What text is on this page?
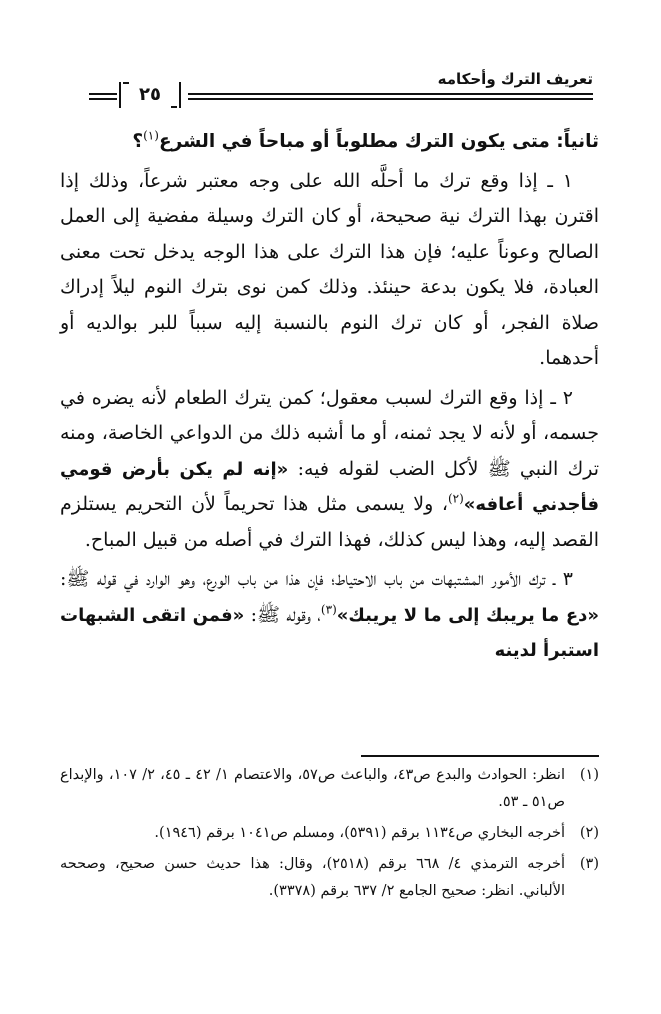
تعريف الترك وأحكامه
٢٥

ثانياً: متى يكون الترك مطلوباً أو مباحاً في الشرع$^{(١)}$؟

١ ـ إذا وقع ترك ما أحلَّه الله على وجه معتبر شرعاً، وذلك إذا اقترن بهذا الترك نية صحيحة، أو كان الترك وسيلة مفضية إلى العمل الصالح وعوناً عليه؛ فإن هذا الترك على هذا الوجه يدخل تحت معنى العبادة، فلا يكون بدعة حينئذ. وذلك كمن نوى بترك النوم ليلاً إدراك صلاة الفجر، أو كان ترك النوم بالنسبة إليه سبباً للبر بوالديه أو أحدهما.

٢ ـ إذا وقع الترك لسبب معقول؛ كمن يترك الطعام لأنه يضره في جسمه، أو لأنه لا يجد ثمنه، أو ما أشبه ذلك من الدواعي الخاصة، ومنه ترك النبي ﷺ لأكل الضب لقوله فيه: «إنه لم يكن بأرض قومي فأجدني أعافه»$^{(٢)}$، ولا يسمى مثل هذا تحريماً لأن التحريم يستلزم القصد إليه، وهذا ليس كذلك، فهذا الترك في أصله من قبيل المباح.

٣ ـ ترك الأمور المشتبهات من باب الاحتياط؛ فإن هذا من باب الورع، وهو الوارد في قوله ﷺ: «دع ما يريبك إلى ما لا يريبك»$^{(٣)}$، وقوله ﷺ: «فمن اتقى الشبهات استبرأ لدينه

(١)
انظر: الحوادث والبدع ص٤٣، والباعث ص٥٧، والاعتصام ١/ ٤٢ ـ ٤٥، ٢/ ١٠٧، والإبداع ص٥١ ـ ٥٣.
(٢)
أخرجه البخاري ص١١٣٤ برقم (٥٣٩١)، ومسلم ص١٠٤١ برقم (١٩٤٦).
(٣)
أخرجه الترمذي ٤/ ٦٦٨ برقم (٢٥١٨)، وقال: هذا حديث حسن صحيح، وصححه الألباني. انظر: صحيح الجامع ٢/ ٦٣٧ برقم (٣٣٧٨).
